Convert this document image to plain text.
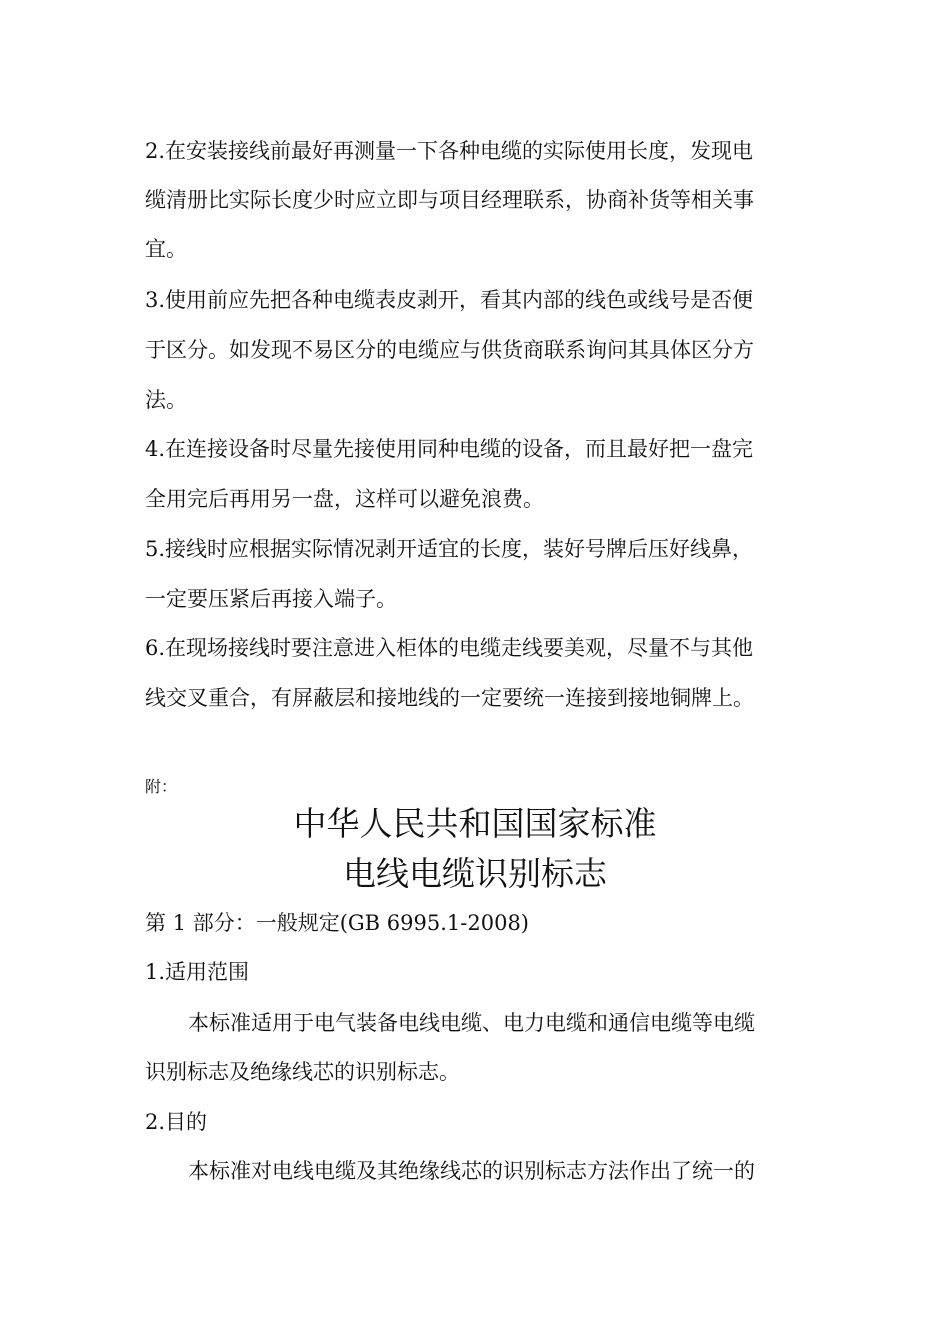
2.在安装接线前最好再测量一下各种电缆的实际使用长度，发现电
缆清册比实际长度少时应立即与项目经理联系，协商补货等相关事
宜。
3.使用前应先把各种电缆表皮剥开，看其内部的线色或线号是否便
于区分。如发现不易区分的电缆应与供货商联系询问其具体区分方
法。
4.在连接设备时尽量先接使用同种电缆的设备，而且最好把一盘完
全用完后再用另一盘，这样可以避免浪费。
5.接线时应根据实际情况剥开适宜的长度，装好号牌后压好线鼻，
一定要压紧后再接入端子。
6.在现场接线时要注意进入柜体的电缆走线要美观，尽量不与其他
线交叉重合，有屏蔽层和接地线的一定要统一连接到接地铜牌上。
附：
中华人民共和国国家标准
电线电缆识别标志
第 1 部分：一般规定(GB 6995.1-2008)
1.适用范围
本标准适用于电气装备电线电缆、电力电缆和通信电缆等电缆
识别标志及绝缘线芯的识别标志。
2.目的
本标准对电线电缆及其绝缘线芯的识别标志方法作出了统一的
